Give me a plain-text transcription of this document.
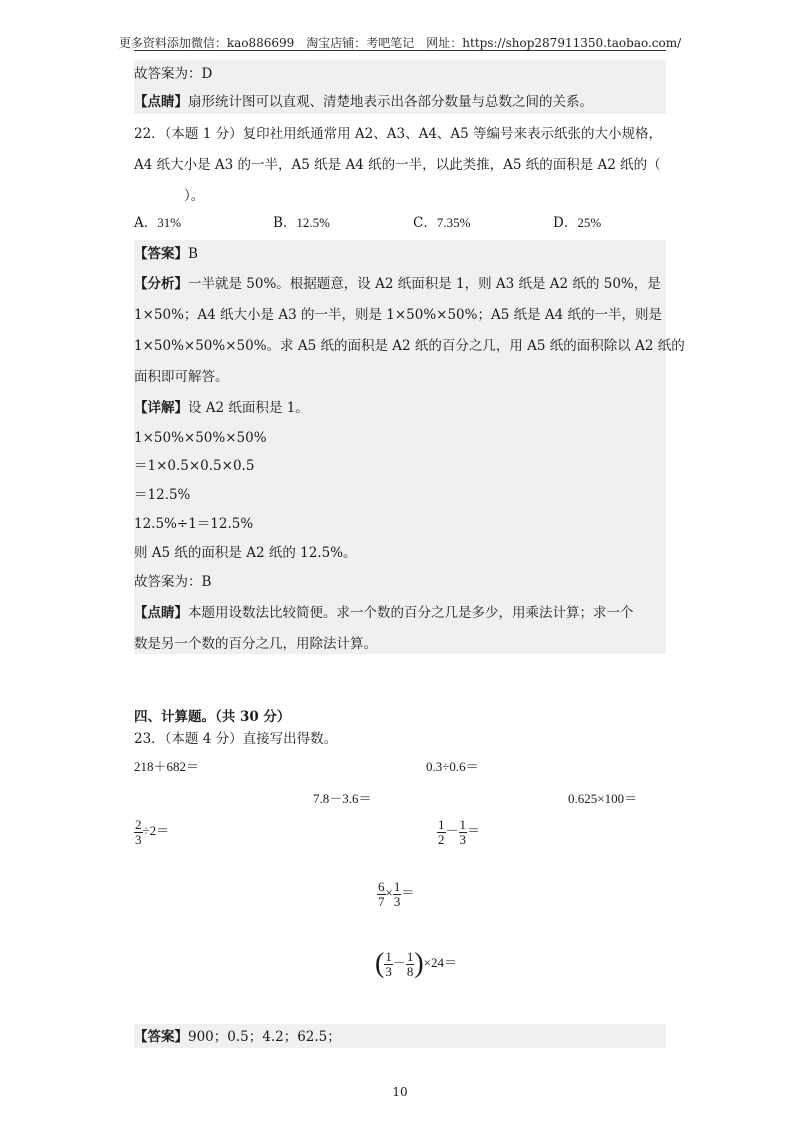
更多资料添加微信：kao886699　淘宝店铺：考吧笔记　网址：https://shop287911350.taobao.com/
故答案为：D
【点睛】扇形统计图可以直观、清楚地表示出各部分数量与总数之间的关系。
22．（本题 1 分）复印社用纸通常用 A2、A3、A4、A5 等编号来表示纸张的大小规格，
A4 纸大小是 A3 的一半，A5 纸是 A4 纸的一半，以此类推，A5 纸的面积是 A2 纸的（
）。
A．31%	B．12.5%	C．7.35%	D．25%
【答案】B
【分析】一半就是 50%。根据题意，设 A2 纸面积是 1，则 A3 纸是 A2 纸的 50%，是
1×50%；A4 纸大小是 A3 的一半，则是 1×50%×50%；A5 纸是 A4 纸的一半，则是
1×50%×50%×50%。求 A5 纸的面积是 A2 纸的百分之几，用 A5 纸的面积除以 A2 纸的
面积即可解答。
【详解】设 A2 纸面积是 1。
1×50%×50%×50%
＝1×0.5×0.5×0.5
＝12.5%
12.5%÷1＝12.5%
则 A5 纸的面积是 A2 纸的 12.5%。
故答案为：B
【点睛】本题用设数法比较简便。求一个数的百分之几是多少，用乘法计算；求一个
数是另一个数的百分之几，用除法计算。
四、计算题。（共 30 分）
23．（本题 4 分）直接写出得数。
218＋682＝	0.3÷0.6＝
7.8－3.6＝	0.625×100＝
$\frac{2}{3} \div 2=$	$\frac{1}{2} - \frac{1}{3}$ ＝
$\frac{6}{7} \times \frac{1}{3}$ ＝
( $\frac{1}{3} - \frac{1}{8} )\times 24=$
【答案】900；0.5；4.2；62.5；
10
